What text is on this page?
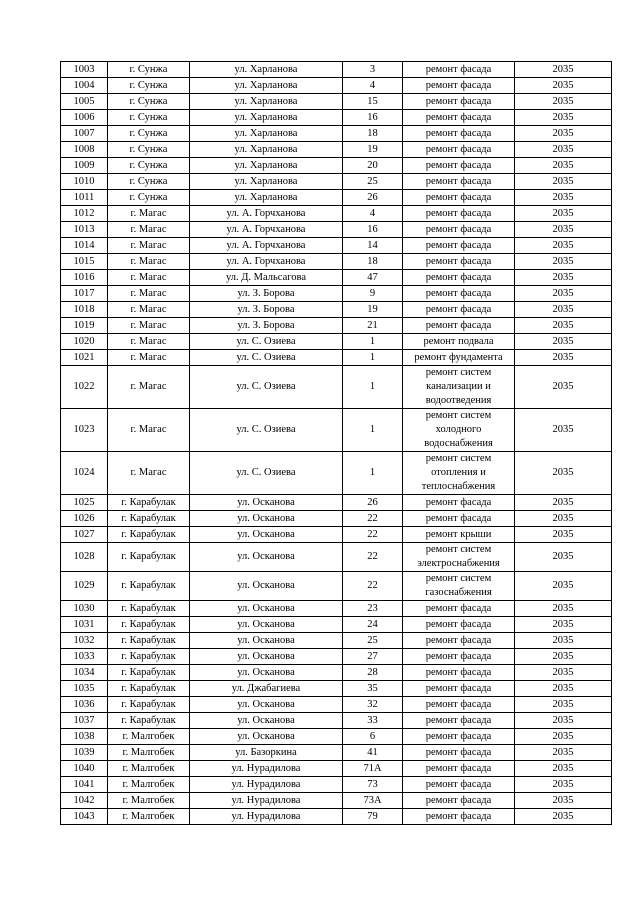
1003	г. Сунжа	ул. Харланова	3	ремонт фасада	2035
1004	г. Сунжа	ул. Харланова	4	ремонт фасада	2035
1005	г. Сунжа	ул. Харланова	15	ремонт фасада	2035
1006	г. Сунжа	ул. Харланова	16	ремонт фасада	2035
1007	г. Сунжа	ул. Харланова	18	ремонт фасада	2035
1008	г. Сунжа	ул. Харланова	19	ремонт фасада	2035
1009	г. Сунжа	ул. Харланова	20	ремонт фасада	2035
1010	г. Сунжа	ул. Харланова	25	ремонт фасада	2035
1011	г. Сунжа	ул. Харланова	26	ремонт фасада	2035
1012	г. Магас	ул. А. Горчханова	4	ремонт фасада	2035
1013	г. Магас	ул. А. Горчханова	16	ремонт фасада	2035
1014	г. Магас	ул. А. Горчханова	14	ремонт фасада	2035
1015	г. Магас	ул. А. Горчханова	18	ремонт фасада	2035
1016	г. Магас	ул. Д. Мальсагова	47	ремонт фасада	2035
1017	г. Магас	ул. З. Борова	9	ремонт фасада	2035
1018	г. Магас	ул. З. Борова	19	ремонт фасада	2035
1019	г. Магас	ул. З. Борова	21	ремонт фасада	2035
1020	г. Магас	ул. С. Озиева	1	ремонт подвала	2035
1021	г. Магас	ул. С. Озиева	1	ремонт фундамента	2035
1022	г. Магас	ул. С. Озиева	1	ремонт систем канализации и водоотведения	2035
1023	г. Магас	ул. С. Озиева	1	ремонт систем холодного водоснабжения	2035
1024	г. Магас	ул. С. Озиева	1	ремонт систем отопления и теплоснабжения	2035
1025	г. Карабулак	ул. Осканова	26	ремонт фасада	2035
1026	г. Карабулак	ул. Осканова	22	ремонт фасада	2035
1027	г. Карабулак	ул. Осканова	22	ремонт крыши	2035
1028	г. Карабулак	ул. Осканова	22	ремонт систем электроснабжения	2035
1029	г. Карабулак	ул. Осканова	22	ремонт систем газоснабжения	2035
1030	г. Карабулак	ул. Осканова	23	ремонт фасада	2035
1031	г. Карабулак	ул. Осканова	24	ремонт фасада	2035
1032	г. Карабулак	ул. Осканова	25	ремонт фасада	2035
1033	г. Карабулак	ул. Осканова	27	ремонт фасада	2035
1034	г. Карабулак	ул. Осканова	28	ремонт фасада	2035
1035	г. Карабулак	ул. Джабагиева	35	ремонт фасада	2035
1036	г. Карабулак	ул. Осканова	32	ремонт фасада	2035
1037	г. Карабулак	ул. Осканова	33	ремонт фасада	2035
1038	г. Малгобек	ул. Осканова	6	ремонт фасада	2035
1039	г. Малгобек	ул. Базоркина	41	ремонт фасада	2035
1040	г. Малгобек	ул. Нурадилова	71А	ремонт фасада	2035
1041	г. Малгобек	ул. Нурадилова	73	ремонт фасада	2035
1042	г. Малгобек	ул. Нурадилова	73А	ремонт фасада	2035
1043	г. Малгобек	ул. Нурадилова	79	ремонт фасада	2035
